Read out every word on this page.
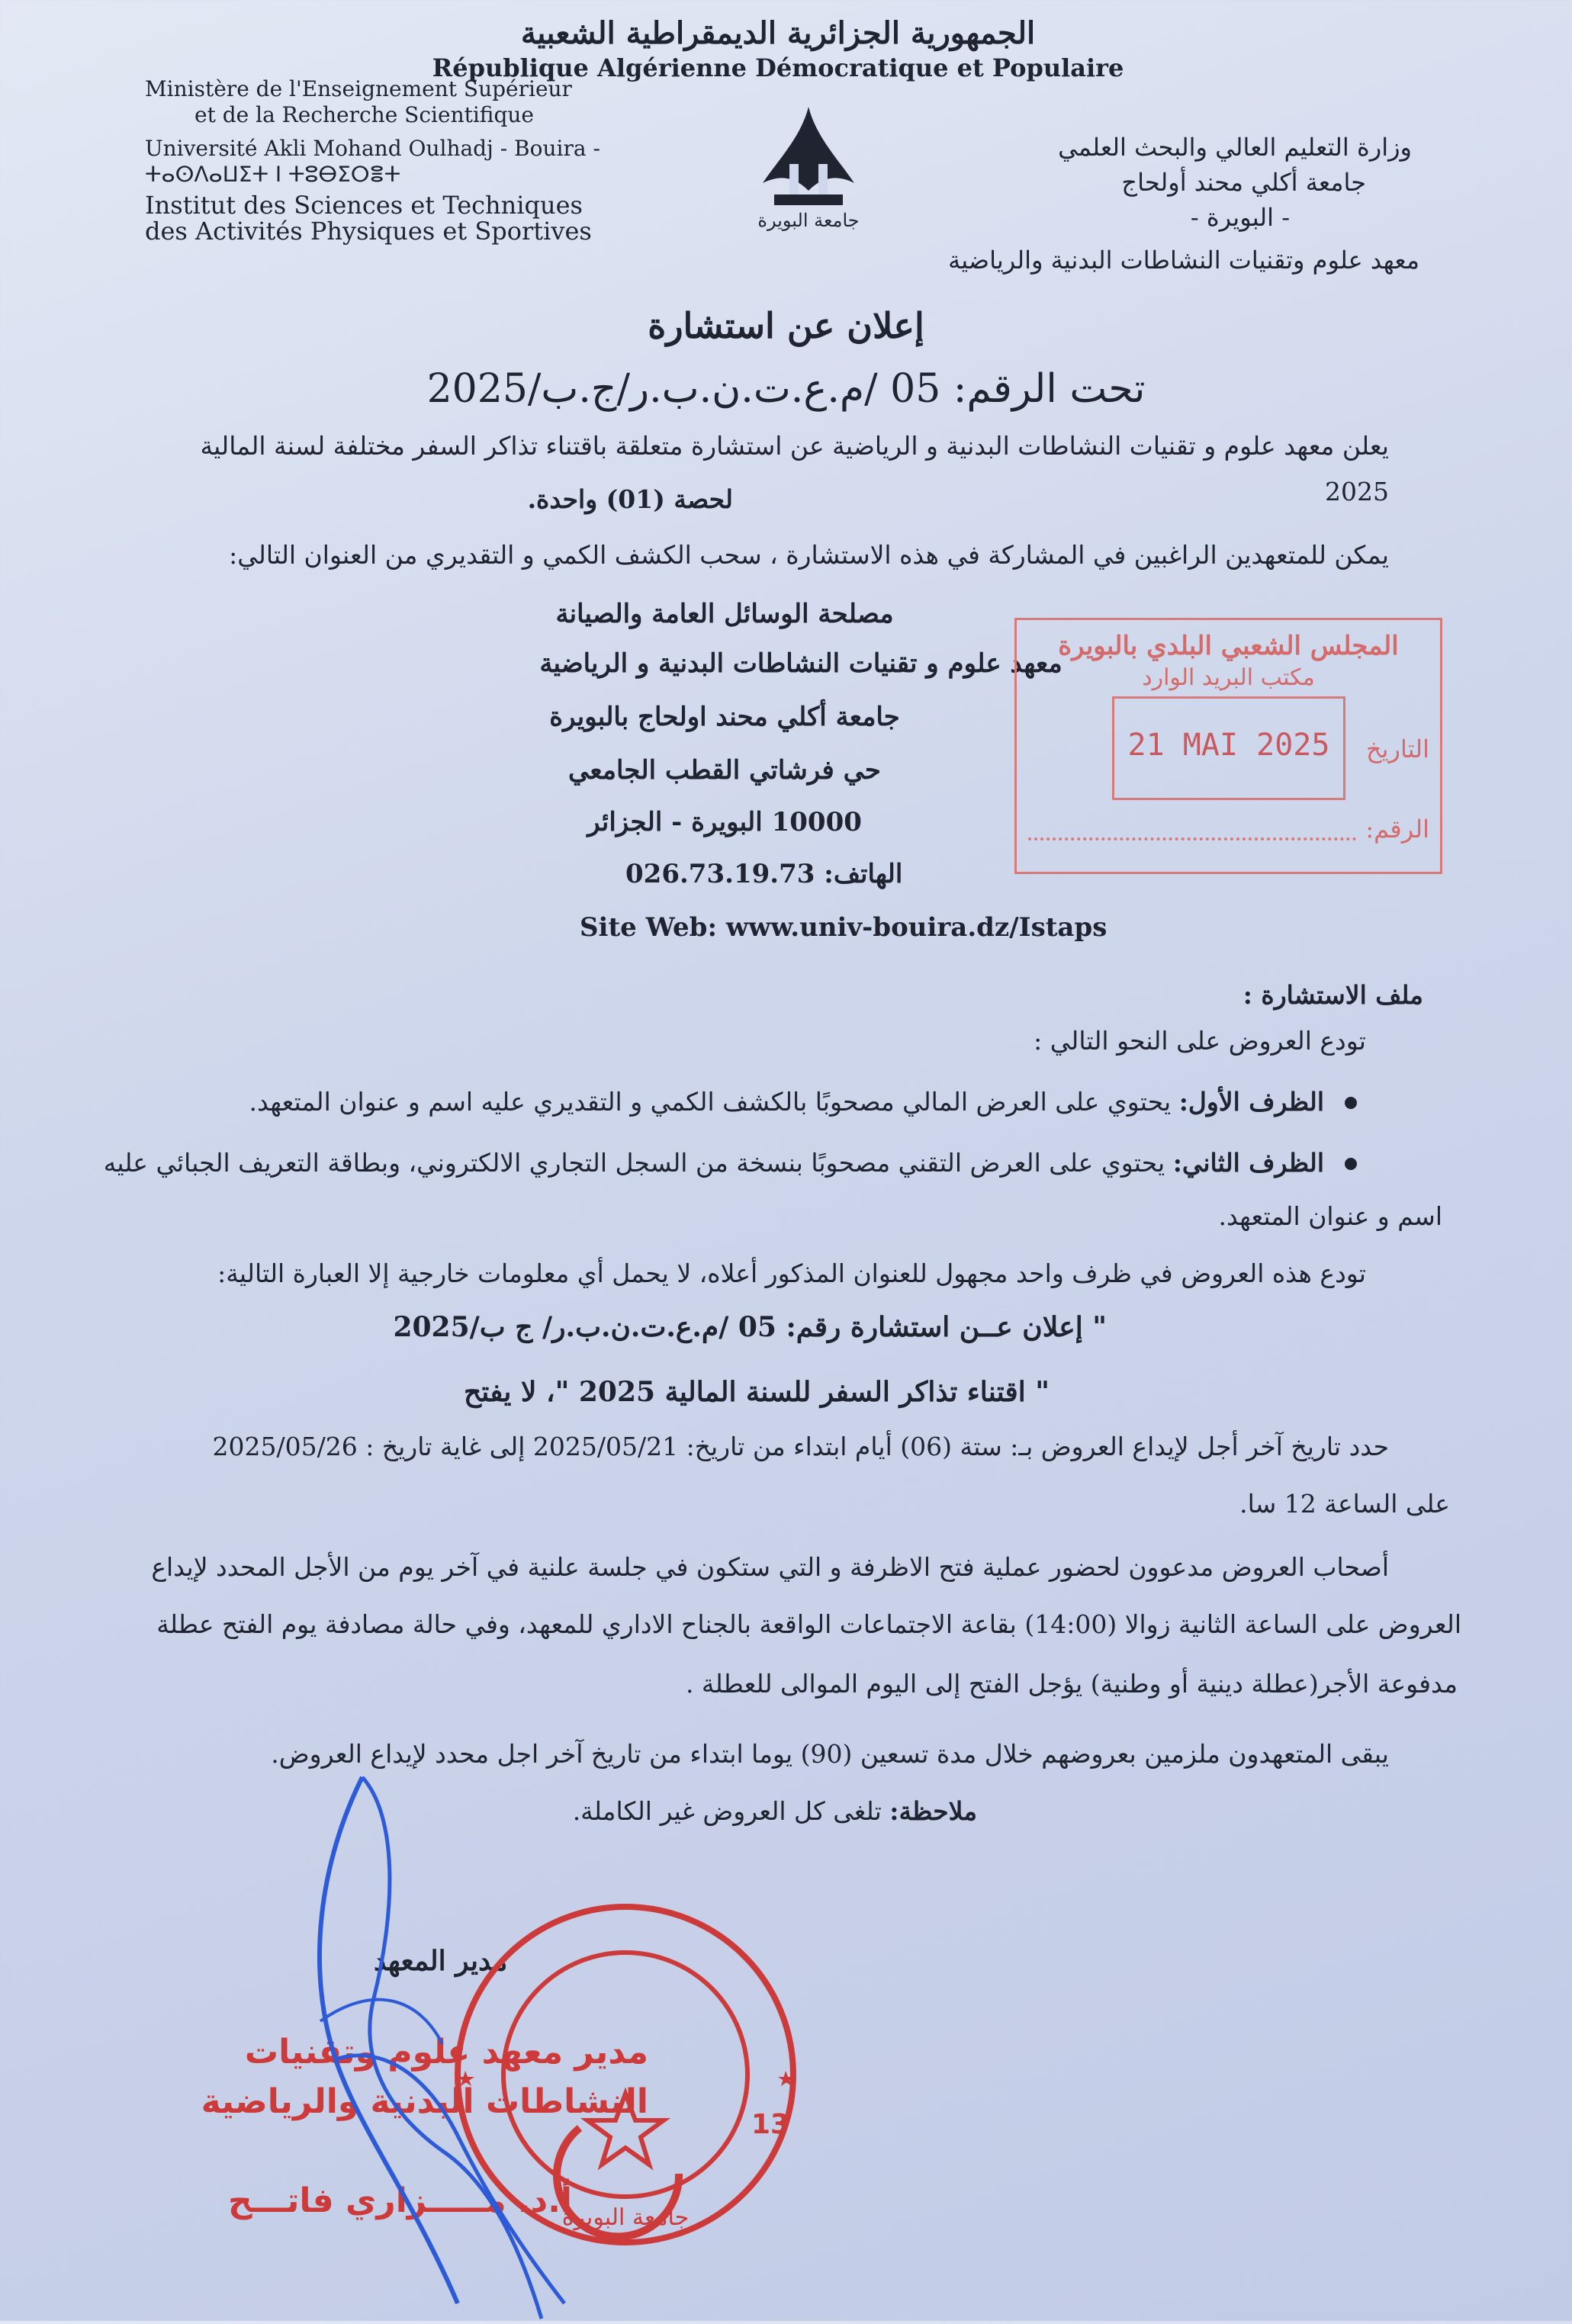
الجمهورية الجزائرية الديمقراطية الشعبية
République Algérienne Démocratique et Populaire
Ministère de l'Enseignement Supérieur
et de la Recherche Scientifique
Université Akli Mohand Oulhadj - Bouira -
ⵜⴰⵙⴷⴰⵡⵉⵜ ⵏ ⵜⵓⴱⵉⵔⴻⵜ
Institut des Sciences et Techniques
des Activités Physiques et Sportives
وزارة التعليم العالي والبحث العلمي
جامعة أكلي محند أولحاج
- البويرة -
معهد علوم وتقنيات النشاطات البدنية والرياضية
جامعة البويرة
إعلان عن استشارة
تحت الرقم: 05 /م.ع.ت.ن.ب.ر/ج.ب/2025
يعلن معهد علوم و تقنيات النشاطات البدنية و الرياضية عن استشارة متعلقة باقتناء تذاكر السفر مختلفة لسنة المالية 2025
لحصة (01) واحدة.
يمكن للمتعهدين الراغبين في المشاركة في هذه الاستشارة ، سحب الكشف الكمي و التقديري من العنوان التالي:
مصلحة الوسائل العامة والصيانة
معهد علوم و تقنيات النشاطات البدنية و الرياضية
جامعة أكلي محند اولحاج بالبويرة
حي فرشاتي القطب الجامعي
10000 البويرة - الجزائر
الهاتف: 026.73.19.73
Site Web: www.univ-bouira.dz/Istaps
المجلس الشعبي البلدي بالبويرة
مكتب البريد الوارد
21 MAI 2025	التاريخ
الرقم:
ملف الاستشارة :
تودع العروض على النحو التالي :
الظرف الأول: يحتوي على العرض المالي مصحوبًا بالكشف الكمي و التقديري عليه اسم و عنوان المتعهد.
الظرف الثاني: يحتوي على العرض التقني مصحوبًا بنسخة من السجل التجاري الالكتروني، وبطاقة التعريف الجبائي عليه
اسم و عنوان المتعهد.
تودع هذه العروض في ظرف واحد مجهول للعنوان المذكور أعلاه، لا يحمل أي معلومات خارجية إلا العبارة التالية:
" إعلان عــن استشارة رقم: 05 /م.ع.ت.ن.ب.ر/ ج ب/2025
" اقتناء تذاكر السفر للسنة المالية 2025 "، لا يفتح
حدد تاريخ آخر أجل لإيداع العروض بـ: ستة (06) أيام ابتداء من تاريخ: 2025/05/21 إلى غاية تاريخ : 2025/05/26
على الساعة 12 سا.
أصحاب العروض مدعوون لحضور عملية فتح الاظرفة و التي ستكون في جلسة علنية في آخر يوم من الأجل المحدد لإيداع
العروض على الساعة الثانية زوالا (14:00) بقاعة الاجتماعات الواقعة بالجناح الاداري للمعهد، وفي حالة مصادفة يوم الفتح عطلة
مدفوعة الأجر(عطلة دينية أو وطنية) يؤجل الفتح إلى اليوم الموالى للعطلة .
يبقى المتعهدون ملزمين بعروضهم خلال مدة تسعين (90) يوما ابتداء من تاريخ آخر اجل محدد لإيداع العروض.
ملاحظة: تلغى كل العروض غير الكاملة.
مدير المعهد
مدير معهد علوم وتقنيات
النشاطات البدنية والرياضية
أ.د. مـــــزاري فاتـــح
13
جامعة البويرة
